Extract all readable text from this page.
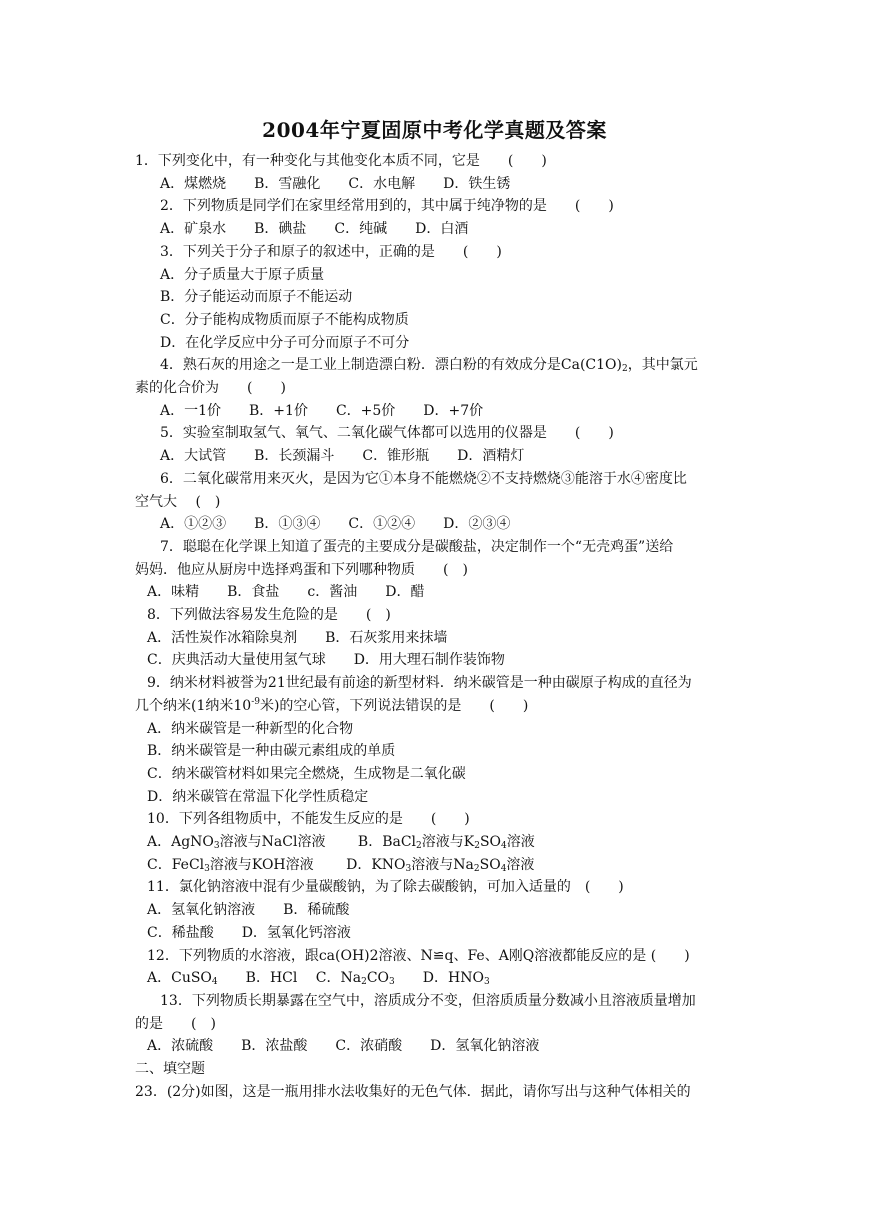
2004年宁夏固原中考化学真题及答案
1．下列变化中，有一种变化与其他变化本质不同，它是　　(　　)
A．煤燃烧　　B．雪融化　　C．水电解　　D．铁生锈
2．下列物质是同学们在家里经常用到的，其中属于纯净物的是　　(　　)
A．矿泉水　　B．碘盐　　C．纯碱　　D．白酒
3．下列关于分子和原子的叙述中，正确的是　　(　　)
A．分子质量大于原子质量
B．分子能运动而原子不能运动
C．分子能构成物质而原子不能构成物质
D．在化学反应中分子可分而原子不可分
4．熟石灰的用途之一是工业上制造漂白粉．漂白粉的有效成分是$Ca(C1O)_2$，其中氯元
素的化合价为　　(　　)
A．一1价　　B．+1价　　C．+5价　　D．+7价
5．实验室制取氢气、氧气、二氧化碳气体都可以选用的仪器是　　(　　)
A．大试管　　B．长颈漏斗　　C．锥形瓶　　D．酒精灯
6．二氧化碳常用来灭火，是因为它①本身不能燃烧②不支持燃烧③能溶于水④密度比
空气大　 (　)
A．①②③　　B．①③④　　C．①②④　　D．②③④
7．聪聪在化学课上知道了蛋壳的主要成分是碳酸盐，决定制作一个“无壳鸡蛋”送给
妈妈．他应从厨房中选择鸡蛋和下列哪种物质　　(　)
A．味精　　B．食盐　　c．酱油　　D．醋
8．下列做法容易发生危险的是　　(　)
A．活性炭作冰箱除臭剂　　B．石灰浆用来抹墙
C．庆典活动大量使用氢气球　　D．用大理石制作装饰物
9．纳米材料被誉为21世纪最有前途的新型材料．纳米碳管是一种由碳原子构成的直径为
几个纳米(1纳米$10^{-9}$米)的空心管，下列说法错误的是　　(　　)
A．纳米碳管是一种新型的化合物
B．纳米碳管是一种由碳元素组成的单质
C．纳米碳管材料如果完全燃烧，生成物是二氧化碳
D．纳米碳管在常温下化学性质稳定
10．下列各组物质中，不能发生反应的是　　(　　)
A．AgNO$_3$溶液与NaCl溶液　　 B．BaCl$_2$溶液与$K_2SO_4$溶液
C．FeCl$_3$溶液与KOH溶液　　 D．$KNO_3$溶液与$Na_2SO_4$溶液
11．氯化钠溶液中混有少量碳酸钠，为了除去碳酸钠，可加入适量的　(　　)
A．氢氧化钠溶液　　B．稀硫酸
C．稀盐酸　　D．氢氧化钙溶液
12．下列物质的水溶液，跟ca(OH)2溶液、Ν≌q、Fe、A刚Q溶液都能反应的是 (　　)
A．CuSO$_4$　　 B．HCl　 C．$Na_2CO_3$　　 D．$HNO_3$
13．下列物质长期暴露在空气中，溶质成分不变，但溶质质量分数减小且溶液质量增加
的是　　(　)
A．浓硫酸　　B．浓盐酸　　C．浓硝酸　　D．氢氧化钠溶液
二、填空题
23．(2分)如图，这是一瓶用排水法收集好的无色气体．据此，请你写出与这种气体相关的
